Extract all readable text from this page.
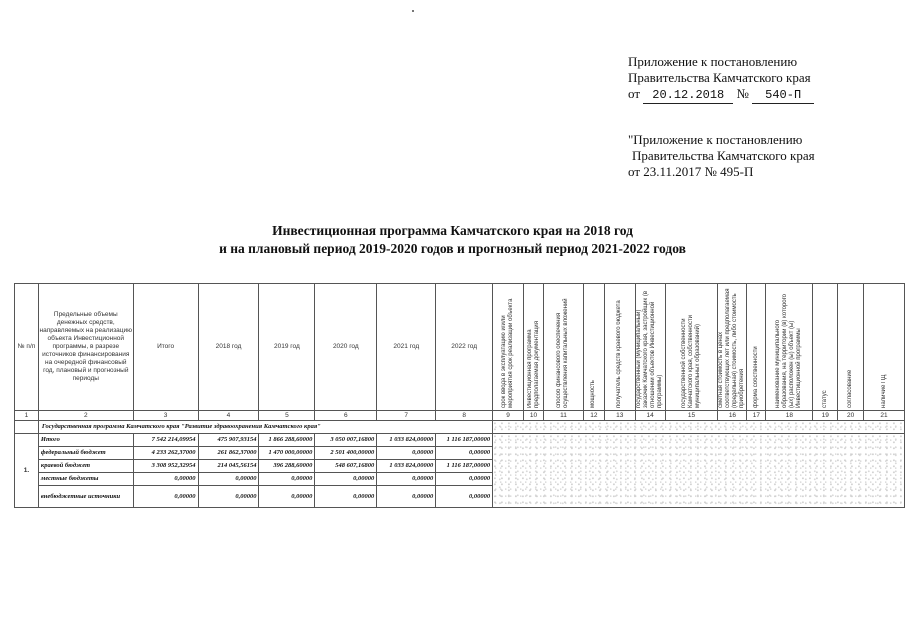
Приложение к постановлению
Правительства Камчатского края
от 20.12.2018 № 540-П
"Приложение к постановлению
Правительства Камчатского края
от 23.11.2017 № 495-П
Инвестиционная программа Камчатского края на 2018 год
и на плановый период 2019-2020 годов и прогнозный период 2021-2022 годов
№ п/п	Предельные объемы денежных средств, направляемых на реализацию объекта Инвестиционной программы, в разрезе источников финансирования на очередной финансовый год, плановый и прогнозный периоды	Итого	2018 год	2019 год	2020 год	2021 год	2022 год	срок ввода в эксплуатацию и/или мероприятия срок реализации объекта	Инвестиционная программа предполагаемая документация	способ финансового обеспечения осуществления капитальных вложений	мощность	получатель средств краевого бюджета	государственный (муниципальный) заказчик Камчатского края, застройщик (в отношении объектов Инвестиционной программы)	государственной собственности Камчатского края, собственности муниципальных образований)	сметная стоимость в ценах соответствующих лет или предполагаемая (предельная) стоимость, либо стоимость приобретения	форма собственности	наименование муниципального образования, на территории (в) которого (ых) расположен (ы) объект (ы) Инвестиционной программы	статус	согласование	наличие ПД

1	2	3	4	5	6	7	8	9	10	11	12	13	14	15	16	17	18	19	20	21
	Государственная программа Камчатского края "Развитие здравоохранения Камчатского края"																			
1.	Итого	7 542 214,09954	475 907,93154	1 866 288,60000	3 050 007,16800	1 033 824,00000	1 116 187,00000													
	федеральный бюджет	4 233 262,37000	261 862,37000	1 470 000,00000	2 501 400,00000	0,00000	0,00000													
	краевой бюджет	3 308 952,32954	214 045,56154	396 288,60000	548 607,16800	1 033 824,00000	1 116 187,00000													
	местные бюджеты	0,00000	0,00000	0,00000	0,00000	0,00000	0,00000													
	внебюджетные источники	0,00000	0,00000	0,00000	0,00000	0,00000	0,00000													
